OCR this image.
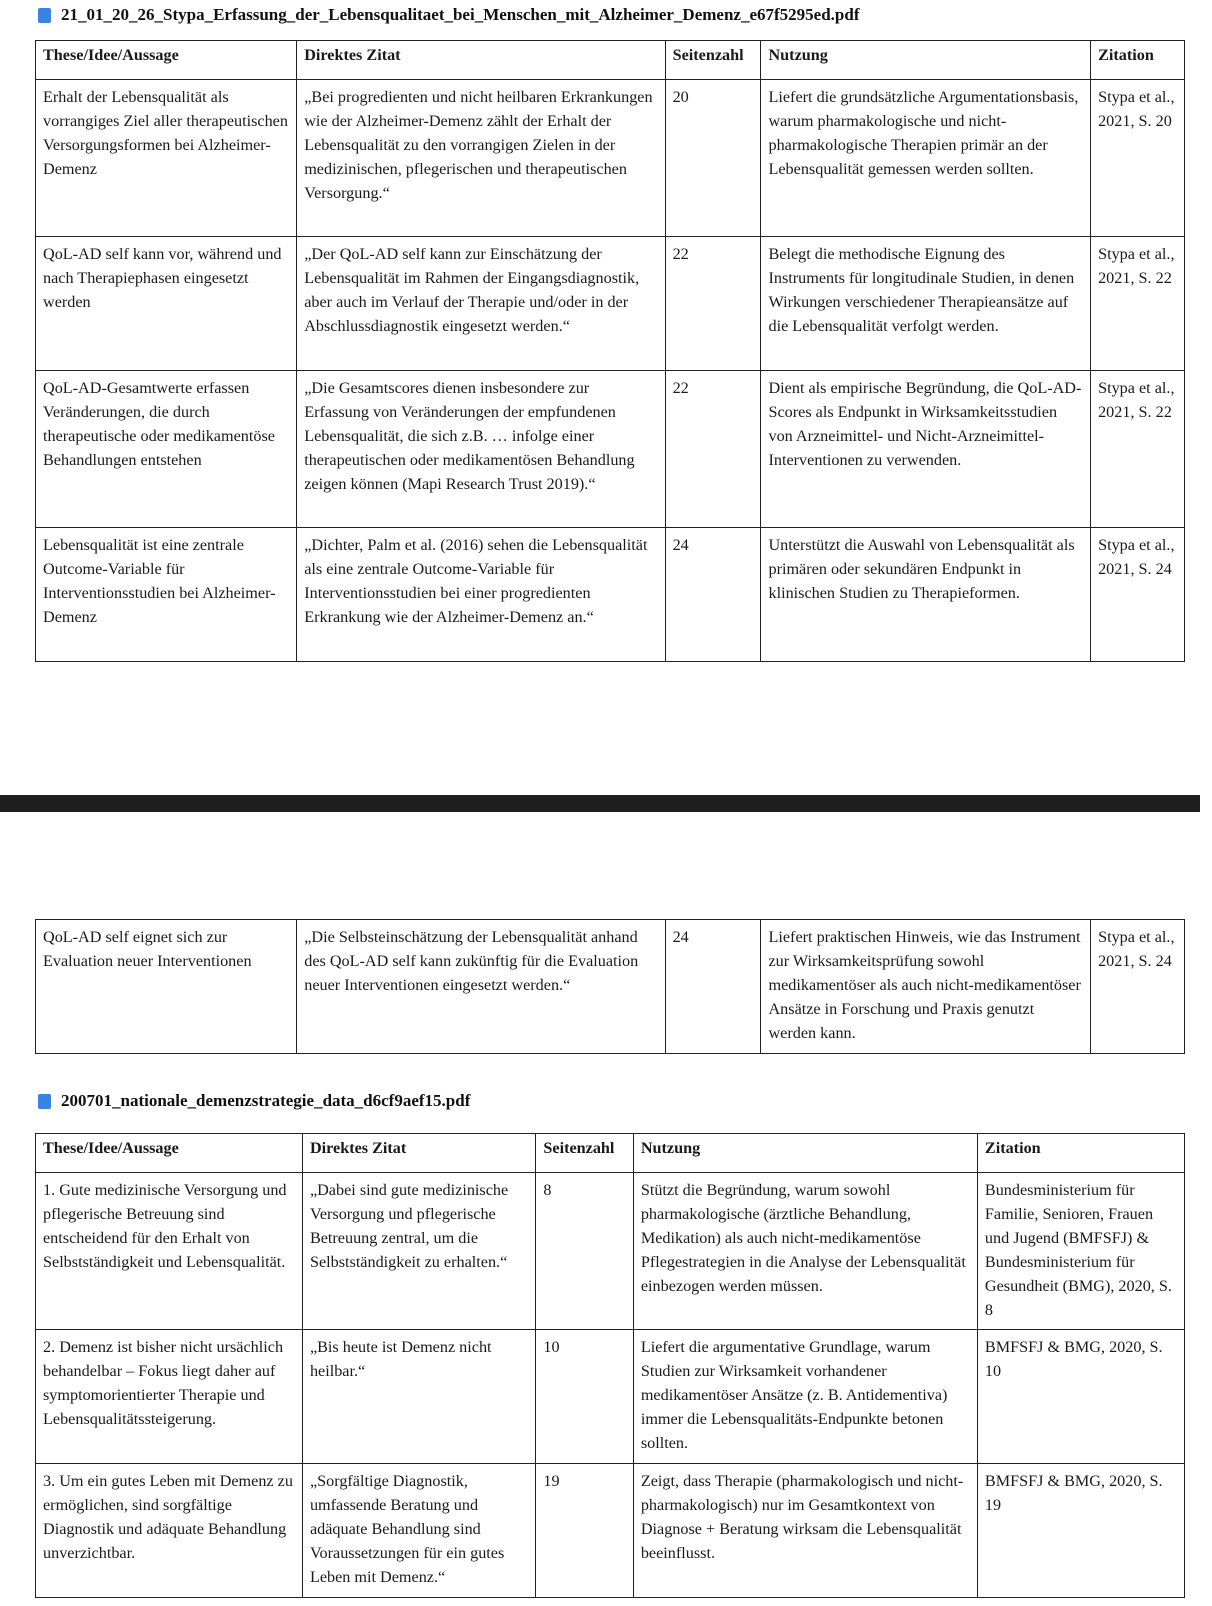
21_01_20_26_Stypa_Erfassung_der_Lebensqualitaet_bei_Menschen_mit_Alzheimer_Demenz_e67f5295ed.pdf
These/Idee/Aussage	Direktes Zitat	Seitenzahl	Nutzung	Zitation
Erhalt der Lebensqualität als vorrangiges Ziel aller therapeutischen Versorgungsformen bei Alzheimer-Demenz	„Bei progredienten und nicht heilbaren Erkrankungen wie der Alzheimer-Demenz zählt der Erhalt der Lebensqualität zu den vorrangigen Zielen in der medizinischen, pflegerischen und therapeutischen Versorgung.“	20	Liefert die grundsätzliche Argumentationsbasis, warum pharmakologische und nicht-pharmakologische Therapien primär an der Lebensqualität gemessen werden sollten.	Stypa et al., 2021, S. 20
QoL-AD self kann vor, während und nach Therapiephasen eingesetzt werden	„Der QoL-AD self kann zur Einschätzung der Lebensqualität im Rahmen der Eingangsdiagnostik, aber auch im Verlauf der Therapie und/oder in der Abschlussdiagnostik eingesetzt werden.“	22	Belegt die methodische Eignung des Instruments für longitudinale Studien, in denen Wirkungen verschiedener Therapieansätze auf die Lebensqualität verfolgt werden.	Stypa et al., 2021, S. 22
QoL-AD-Gesamtwerte erfassen Veränderungen, die durch therapeutische oder medikamentöse Behandlungen entstehen	„Die Gesamtscores dienen insbesondere zur Erfassung von Veränderungen der empfundenen Lebensqualität, die sich z.B. … infolge einer therapeutischen oder medikamentösen Behandlung zeigen können (Mapi Research Trust 2019).“	22	Dient als empirische Begründung, die QoL-AD-Scores als Endpunkt in Wirksamkeitsstudien von Arzneimittel- und Nicht-Arzneimittel-Interventionen zu verwenden.	Stypa et al., 2021, S. 22
Lebensqualität ist eine zentrale Outcome-Variable für Interventionsstudien bei Alzheimer-Demenz	„Dichter, Palm et al. (2016) sehen die Lebensqualität als eine zentrale Outcome-Variable für Interventionsstudien bei einer progredienten Erkrankung wie der Alzheimer-Demenz an.“	24	Unterstützt die Auswahl von Lebensqualität als primären oder sekundären Endpunkt in klinischen Studien zu Therapieformen.	Stypa et al., 2021, S. 24
QoL-AD self eignet sich zur Evaluation neuer Interventionen	„Die Selbsteinschätzung der Lebensqualität anhand des QoL-AD self kann zukünftig für die Evaluation neuer Interventionen eingesetzt werden.“	24	Liefert praktischen Hinweis, wie das Instrument zur Wirksamkeitsprüfung sowohl medikamentöser als auch nicht-medikamentöser Ansätze in Forschung und Praxis genutzt werden kann.	Stypa et al., 2021, S. 24
200701_nationale_demenzstrategie_data_d6cf9aef15.pdf
These/Idee/Aussage	Direktes Zitat	Seitenzahl	Nutzung	Zitation
1. Gute medizinische Versorgung und pflegerische Betreuung sind entscheidend für den Erhalt von Selbstständigkeit und Lebensqualität.	„Dabei sind gute medizinische Versorgung und pflegerische Betreuung zentral, um die Selbstständigkeit zu erhalten.“	8	Stützt die Begründung, warum sowohl pharmakologische (ärztliche Behandlung, Medikation) als auch nicht-medikamentöse Pflegestrategien in die Analyse der Lebensqualität einbezogen werden müssen.	Bundesministerium für Familie, Senioren, Frauen und Jugend (BMFSFJ) & Bundesministerium für Gesundheit (BMG), 2020, S. 8
2. Demenz ist bisher nicht ursächlich behandelbar – Fokus liegt daher auf symptomorientierter Therapie und Lebensqualitätssteigerung.	„Bis heute ist Demenz nicht heilbar.“	10	Liefert die argumentative Grundlage, warum Studien zur Wirksamkeit vorhandener medikamentöser Ansätze (z. B. Antidementiva) immer die Lebensqualitäts-Endpunkte betonen sollten.	BMFSFJ & BMG, 2020, S. 10
3. Um ein gutes Leben mit Demenz zu ermöglichen, sind sorgfältige Diagnostik und adäquate Behandlung unverzichtbar.	„Sorgfältige Diagnostik, umfassende Beratung und adäquate Behandlung sind Voraussetzungen für ein gutes Leben mit Demenz.“	19	Zeigt, dass Therapie (pharmakologisch und nicht-pharmakologisch) nur im Gesamtkontext von Diagnose + Beratung wirksam die Lebensqualität beeinflusst.	BMFSFJ & BMG, 2020, S. 19
